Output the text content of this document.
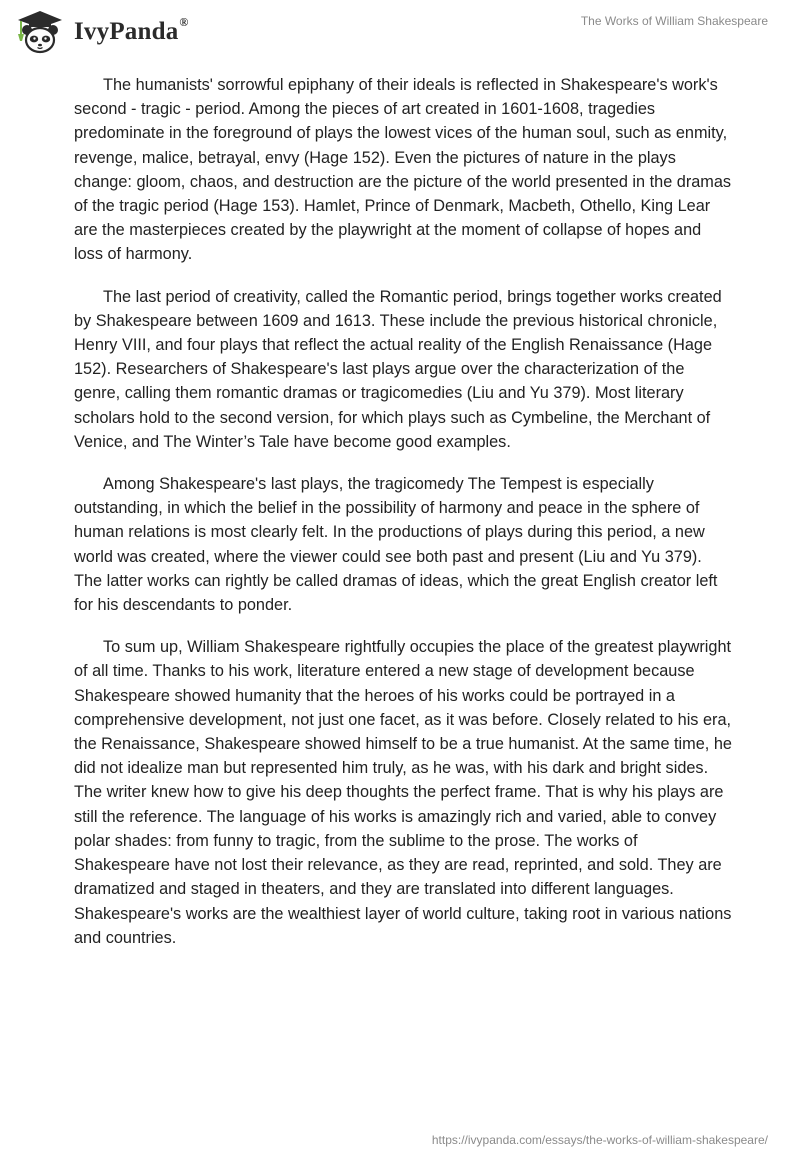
IvyPanda®	The Works of William Shakespeare

The humanists' sorrowful epiphany of their ideals is reflected in Shakespeare's work's second - tragic - period. Among the pieces of art created in 1601-1608, tragedies predominate in the foreground of plays the lowest vices of the human soul, such as enmity, revenge, malice, betrayal, envy (Hage 152). Even the pictures of nature in the plays change: gloom, chaos, and destruction are the picture of the world presented in the dramas of the tragic period (Hage 153). Hamlet, Prince of Denmark, Macbeth, Othello, King Lear are the masterpieces created by the playwright at the moment of collapse of hopes and loss of harmony.

The last period of creativity, called the Romantic period, brings together works created by Shakespeare between 1609 and 1613. These include the previous historical chronicle, Henry VIII, and four plays that reflect the actual reality of the English Renaissance (Hage 152). Researchers of Shakespeare's last plays argue over the characterization of the genre, calling them romantic dramas or tragicomedies (Liu and Yu 379). Most literary scholars hold to the second version, for which plays such as Cymbeline, the Merchant of Venice, and The Winter’s Tale have become good examples.

Among Shakespeare's last plays, the tragicomedy The Tempest is especially outstanding, in which the belief in the possibility of harmony and peace in the sphere of human relations is most clearly felt. In the productions of plays during this period, a new world was created, where the viewer could see both past and present (Liu and Yu 379). The latter works can rightly be called dramas of ideas, which the great English creator left for his descendants to ponder.

To sum up, William Shakespeare rightfully occupies the place of the greatest playwright of all time. Thanks to his work, literature entered a new stage of development because Shakespeare showed humanity that the heroes of his works could be portrayed in a comprehensive development, not just one facet, as it was before. Closely related to his era, the Renaissance, Shakespeare showed himself to be a true humanist. At the same time, he did not idealize man but represented him truly, as he was, with his dark and bright sides. The writer knew how to give his deep thoughts the perfect frame. That is why his plays are still the reference. The language of his works is amazingly rich and varied, able to convey polar shades: from funny to tragic, from the sublime to the prose. The works of Shakespeare have not lost their relevance, as they are read, reprinted, and sold. They are dramatized and staged in theaters, and they are translated into different languages. Shakespeare's works are the wealthiest layer of world culture, taking root in various nations and countries.

https://ivypanda.com/essays/the-works-of-william-shakespeare/
